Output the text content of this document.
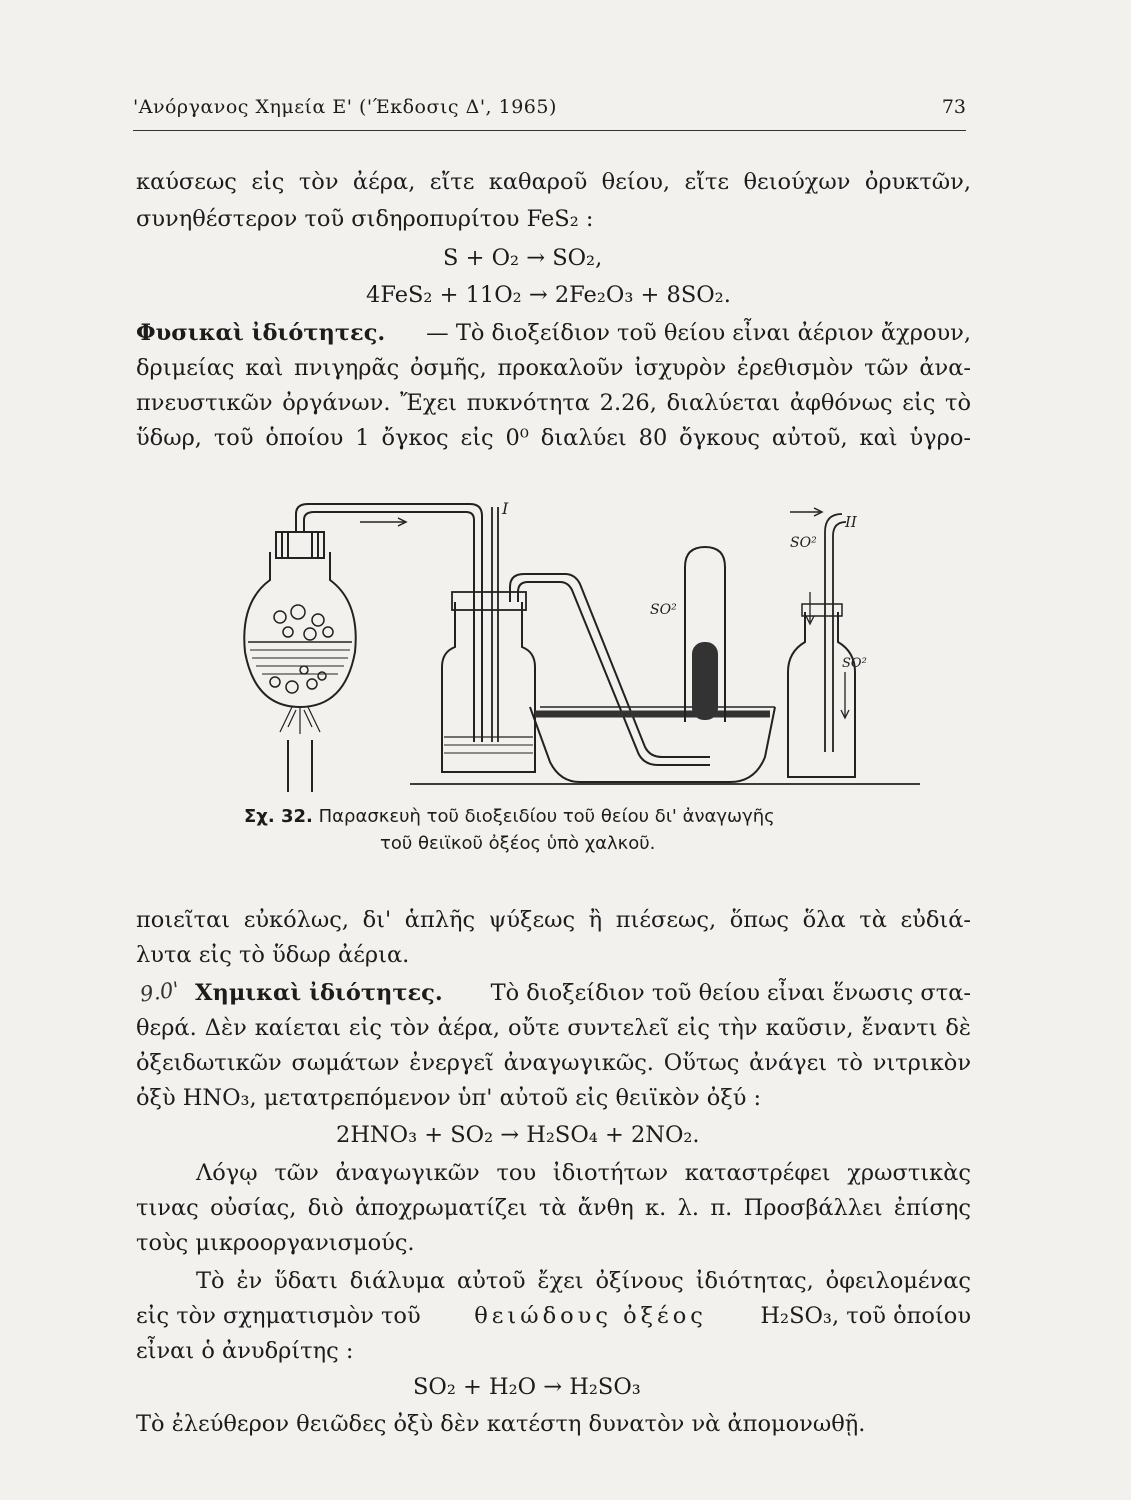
'Ανόργανος Χημεία Ε' ('Έκδοσις Δ', 1965)	73
καύσεως εἰς τὸν ἀέρα, εἴτε καθαροῦ θείου, εἴτε θειούχων ὀρυκτῶν,
συνηθέστερον τοῦ σιδηροπυρίτου FeS₂ :
S + O₂ → SO₂,
4FeS₂ + 11O₂ → 2Fe₂O₃ + 8SO₂.
Φυσικαὶ ἰδιότητες. — Τὸ διοξείδιον τοῦ θείου εἶναι ἀέριον ἄχρουν,
δριμείας καὶ πνιγηρᾶς ὀσμῆς, προκαλοῦν ἰσχυρὸν ἐρεθισμὸν τῶν ἀνα-
πνευστικῶν ὀργάνων. Ἔχει πυκνότητα 2.26, διαλύεται ἀφθόνως εἰς τὸ
ὕδωρ, τοῦ ὁποίου 1 ὄγκος εἰς 0⁰ διαλύει 80 ὄγκους αὐτοῦ, καὶ ὑγρο-
I
II
SO²
SO²
SO²
Σχ. 32. Παρασκευὴ τοῦ διοξειδίου τοῦ θείου δι' ἀναγωγῆς
τοῦ θειϊκοῦ ὀξέος ὑπὸ χαλκοῦ.
ποιεῖται εὐκόλως, δι' ἁπλῆς ψύξεως ἢ πιέσεως, ὅπως ὅλα τὰ εὐδιά-
λυτα εἰς τὸ ὕδωρ ἀέρια.
9.0' Χημικαὶ ἰδιότητες. Τὸ διοξείδιον τοῦ θείου εἶναι ἕνωσις στα-
θερά. Δὲν καίεται εἰς τὸν ἀέρα, οὔτε συντελεῖ εἰς τὴν καῦσιν, ἔναντι δὲ
ὀξειδωτικῶν σωμάτων ἐνεργεῖ ἀναγωγικῶς. Οὕτως ἀνάγει τὸ νιτρικὸν
ὀξὺ HNO₃, μετατρεπόμενον ὑπ' αὐτοῦ εἰς θειϊκὸν ὀξύ :
2HNO₃ + SO₂ → H₂SO₄ + 2NO₂.
Λόγῳ τῶν ἀναγωγικῶν του ἰδιοτήτων καταστρέφει χρωστικὰς
τινας οὐσίας, διὸ ἀποχρωματίζει τὰ ἄνθη κ. λ. π. Προσβάλλει ἐπίσης
τοὺς μικροοργανισμούς.
Τὸ ἐν ὕδατι διάλυμα αὐτοῦ ἔχει ὀξίνους ἰδιότητας, ὀφειλομένας
εἰς τὸν σχηματισμὸν τοῦ θειώδους ὀξέος H₂SO₃, τοῦ ὁποίου
εἶναι ὁ ἀνυδρίτης :
SO₂ + H₂O → H₂SO₃
Τὸ ἐλεύθερον θειῶδες ὀξὺ δὲν κατέστη δυνατὸν νὰ ἀπομονωθῇ.
